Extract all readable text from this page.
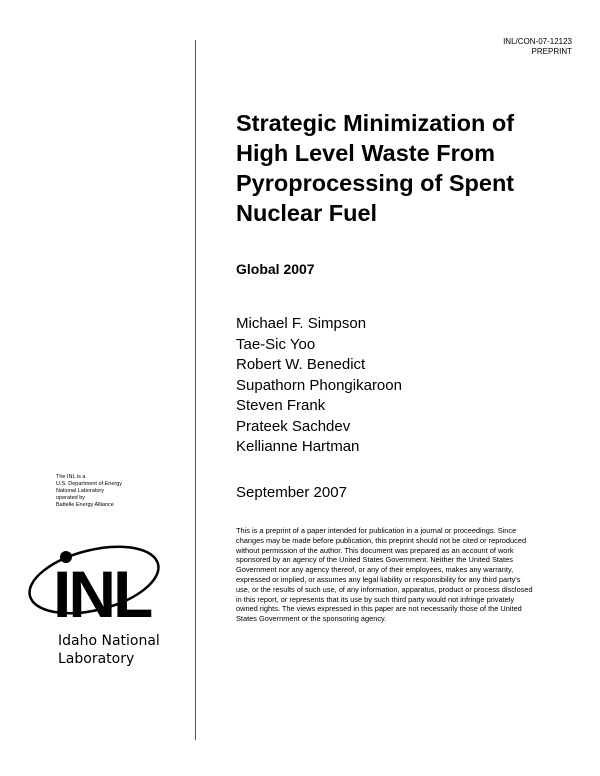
INL/CON-07-12123
PREPRINT
Strategic Minimization of
High Level Waste From
Pyroprocessing of Spent
Nuclear Fuel

Global 2007

Michael F. Simpson
Tae-Sic Yoo
Robert W. Benedict
Supathorn Phongikaroon
Steven Frank
Prateek Sachdev
Kellianne Hartman

September 2007

This is a preprint of a paper intended for publication in a journal or proceedings. Since changes may be made before publication, this preprint should not be cited or reproduced without permission of the author. This document was prepared as an account of work sponsored by an agency of the United States Government. Neither the United States Government nor any agency thereof, or any of their employees, makes any warranty, expressed or implied, or assumes any legal liability or responsibility for any third party's use, or the results of such use, of any information, apparatus, product or process disclosed in this report, or represents that its use by such third party would not infringe privately owned rights. The views expressed in this paper are not necessarily those of the United States Government or the sponsoring agency.

The INL is a
U.S. Department of Energy
National Laboratory
operated by
Battelle Energy Alliance
INL
Idaho National
Laboratory
